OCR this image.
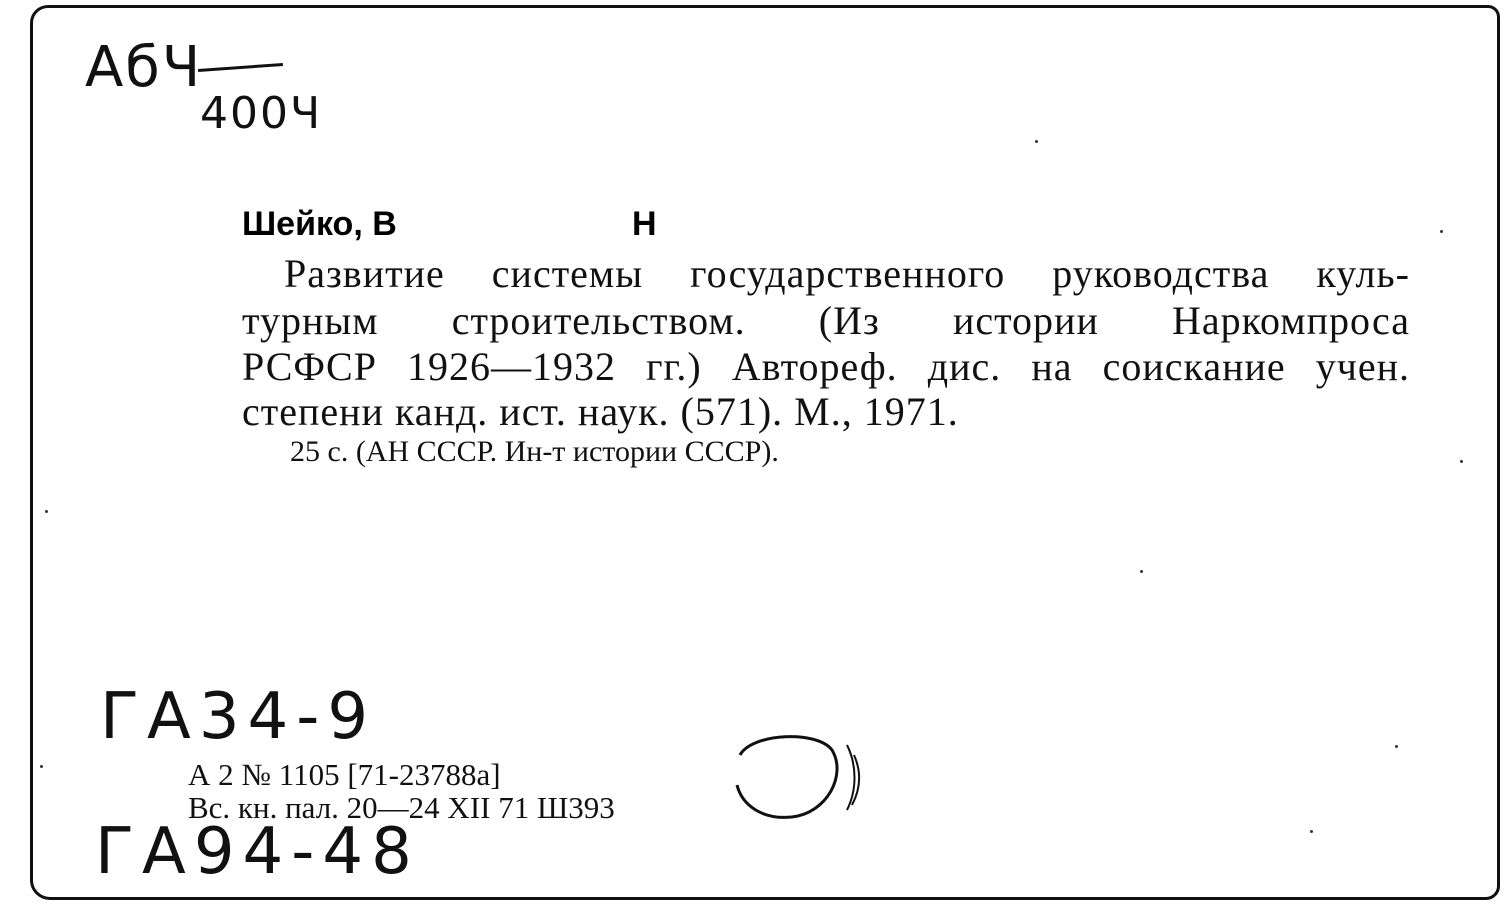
АбЧ
400Ч
Шейко, В	Н
Развитие системы государственного руководства куль-
турным строительством. (Из истории Наркомпроса
РСФСР 1926—1932 гг.) Автореф. дис. на соискание учен.
степени канд. ист. наук. (571). М., 1971.
25 с. (АН СССР. Ин-т истории СССР).
ГА34-9
А 2 № 1105 [71-23788а]
Вс. кн. пал. 20—24 XII 71 Ш393
ГА94-48
